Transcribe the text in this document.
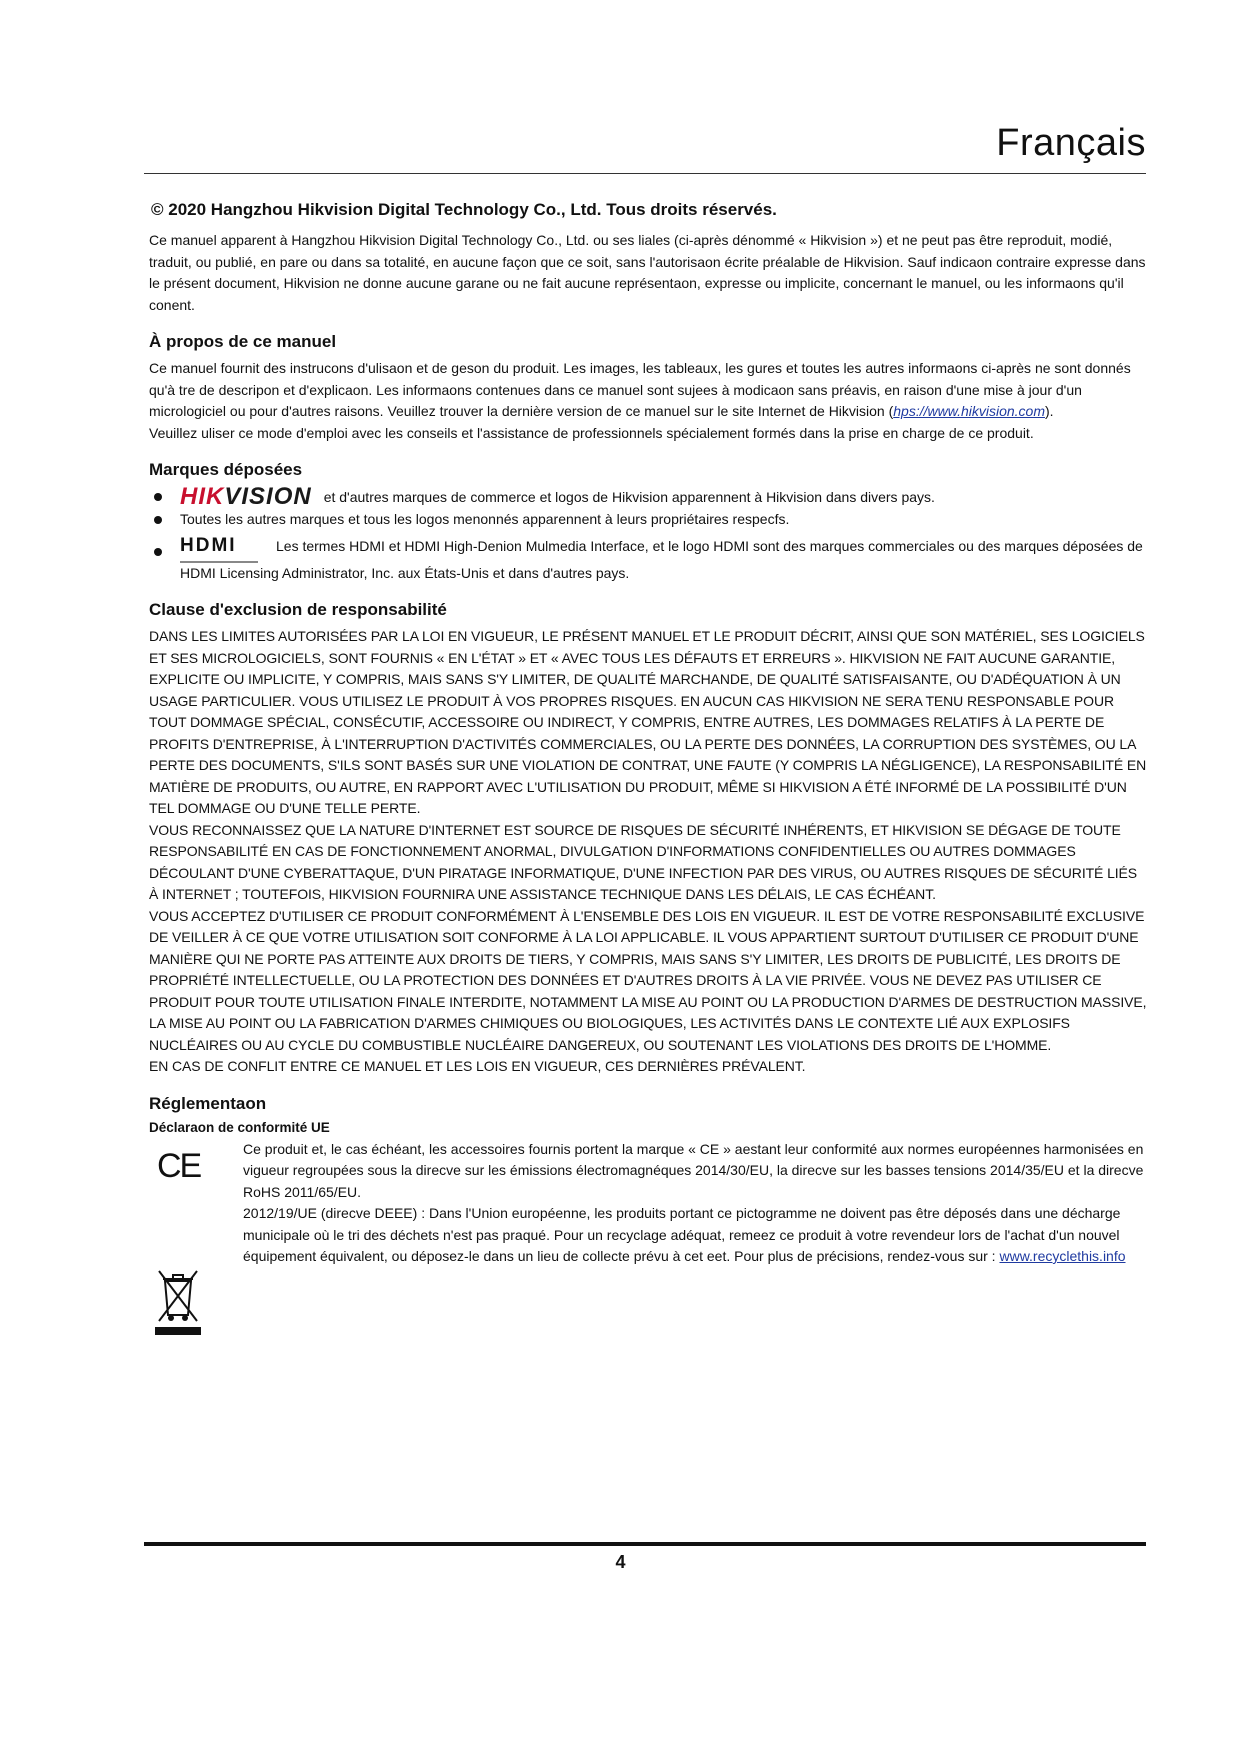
Français

© 2020 Hangzhou Hikvision Digital Technology Co., Ltd. Tous droits réservés.

Ce manuel apparent à Hangzhou Hikvision Digital Technology Co., Ltd. ou ses liales (ci-après dénommé « Hikvision ») et ne peut pas être reproduit, modié, traduit, ou publié, en pare ou dans sa totalité, en aucune façon que ce soit, sans l'autorisaon écrite préalable de Hikvision. Sauf indicaon contraire expresse dans le présent document, Hikvision ne donne aucune garane ou ne fait aucune représentaon, expresse ou implicite, concernant le manuel, ou les informaons qu'il conent.

À propos de ce manuel

Ce manuel fournit des instrucons d'ulisaon et de geson du produit. Les images, les tableaux, les gures et toutes les autres informaons ci-après ne sont donnés qu'à tre de descripon et d'explicaon. Les informaons contenues dans ce manuel sont sujees à modicaon sans préavis, en raison d'une mise à jour d'un micrologiciel ou pour d'autres raisons. Veuillez trouver la dernière version de ce manuel sur le site Internet de Hikvision (hps://www.hikvision.com).

Veuillez uliser ce mode d'emploi avec les conseils et l'assistance de professionnels spécialement formés dans la prise en charge de ce produit.

Marques déposées

HIKVISION et d'autres marques de commerce et logos de Hikvision apparennent à Hikvision dans divers pays.
Toutes les autres marques et tous les logos menonnés apparennent à leurs propriétaires respecfs.
HDMI	Les termes HDMI et HDMI High-Denion Mulmedia Interface, et le logo HDMI sont des marques commerciales ou des marques déposées de HDMI Licensing Administrator, Inc. aux États-Unis et dans d'autres pays.

Clause d'exclusion de responsabilité

DANS LES LIMITES AUTORISÉES PAR LA LOI EN VIGUEUR, LE PRÉSENT MANUEL ET LE PRODUIT DÉCRIT, AINSI QUE SON MATÉRIEL, SES LOGICIELS ET SES MICROLOGICIELS, SONT FOURNIS « EN L'ÉTAT » ET « AVEC TOUS LES DÉFAUTS ET ERREURS ». HIKVISION NE FAIT AUCUNE GARANTIE, EXPLICITE OU IMPLICITE, Y COMPRIS, MAIS SANS S'Y LIMITER, DE QUALITÉ MARCHANDE, DE QUALITÉ SATISFAISANTE, OU D'ADÉQUATION À UN USAGE PARTICULIER. VOUS UTILISEZ LE PRODUIT À VOS PROPRES RISQUES. EN AUCUN CAS HIKVISION NE SERA TENU RESPONSABLE POUR TOUT DOMMAGE SPÉCIAL, CONSÉCUTIF, ACCESSOIRE OU INDIRECT, Y COMPRIS, ENTRE AUTRES, LES DOMMAGES RELATIFS À LA PERTE DE PROFITS D'ENTREPRISE, À L'INTERRUPTION D'ACTIVITÉS COMMERCIALES, OU LA PERTE DES DONNÉES, LA CORRUPTION DES SYSTÈMES, OU LA PERTE DES DOCUMENTS, S'ILS SONT BASÉS SUR UNE VIOLATION DE CONTRAT, UNE FAUTE (Y COMPRIS LA NÉGLIGENCE), LA RESPONSABILITÉ EN MATIÈRE DE PRODUITS, OU AUTRE, EN RAPPORT AVEC L'UTILISATION DU PRODUIT, MÊME SI HIKVISION A ÉTÉ INFORMÉ DE LA POSSIBILITÉ D'UN TEL DOMMAGE OU D'UNE TELLE PERTE.

VOUS RECONNAISSEZ QUE LA NATURE D'INTERNET EST SOURCE DE RISQUES DE SÉCURITÉ INHÉRENTS, ET HIKVISION SE DÉGAGE DE TOUTE RESPONSABILITÉ EN CAS DE FONCTIONNEMENT ANORMAL, DIVULGATION D'INFORMATIONS CONFIDENTIELLES OU AUTRES DOMMAGES DÉCOULANT D'UNE CYBERATTAQUE, D'UN PIRATAGE INFORMATIQUE, D'UNE INFECTION PAR DES VIRUS, OU AUTRES RISQUES DE SÉCURITÉ LIÉS À INTERNET ; TOUTEFOIS, HIKVISION FOURNIRA UNE ASSISTANCE TECHNIQUE DANS LES DÉLAIS, LE CAS ÉCHÉANT.

VOUS ACCEPTEZ D'UTILISER CE PRODUIT CONFORMÉMENT À L'ENSEMBLE DES LOIS EN VIGUEUR. IL EST DE VOTRE RESPONSABILITÉ EXCLUSIVE DE VEILLER À CE QUE VOTRE UTILISATION SOIT CONFORME À LA LOI APPLICABLE. IL VOUS APPARTIENT SURTOUT D'UTILISER CE PRODUIT D'UNE MANIÈRE QUI NE PORTE PAS ATTEINTE AUX DROITS DE TIERS, Y COMPRIS, MAIS SANS S'Y LIMITER, LES DROITS DE PUBLICITÉ, LES DROITS DE PROPRIÉTÉ INTELLECTUELLE, OU LA PROTECTION DES DONNÉES ET D'AUTRES DROITS À LA VIE PRIVÉE. VOUS NE DEVEZ PAS UTILISER CE PRODUIT POUR TOUTE UTILISATION FINALE INTERDITE, NOTAMMENT LA MISE AU POINT OU LA PRODUCTION D'ARMES DE DESTRUCTION MASSIVE, LA MISE AU POINT OU LA FABRICATION D'ARMES CHIMIQUES OU BIOLOGIQUES, LES ACTIVITÉS DANS LE CONTEXTE LIÉ AUX EXPLOSIFS NUCLÉAIRES OU AU CYCLE DU COMBUSTIBLE NUCLÉAIRE DANGEREUX, OU SOUTENANT LES VIOLATIONS DES DROITS DE L'HOMME.

EN CAS DE CONFLIT ENTRE CE MANUEL ET LES LOIS EN VIGUEUR, CES DERNIÈRES PRÉVALENT.

Réglementaon

Déclaraon de conformité UE

CE	Ce produit et, le cas échéant, les accessoires fournis portent la marque « CE » aestant leur conformité aux normes européennes harmonisées en vigueur regroupées sous la direcve sur les émissions électromagnéques 2014/30/EU, la direcve sur les basses tensions 2014/35/EU et la direcve RoHS 2011/65/EU.

2012/19/UE (direcve DEEE) : Dans l'Union européenne, les produits portant ce pictogramme ne doivent pas être déposés dans une décharge municipale où le tri des déchets n'est pas praqué. Pour un recyclage adéquat, remeez ce produit à votre revendeur lors de l'achat d'un nouvel équipement équivalent, ou déposez-le dans un lieu de collecte prévu à cet eet. Pour plus de précisions, rendez-vous sur : www.recyclethis.info

4
